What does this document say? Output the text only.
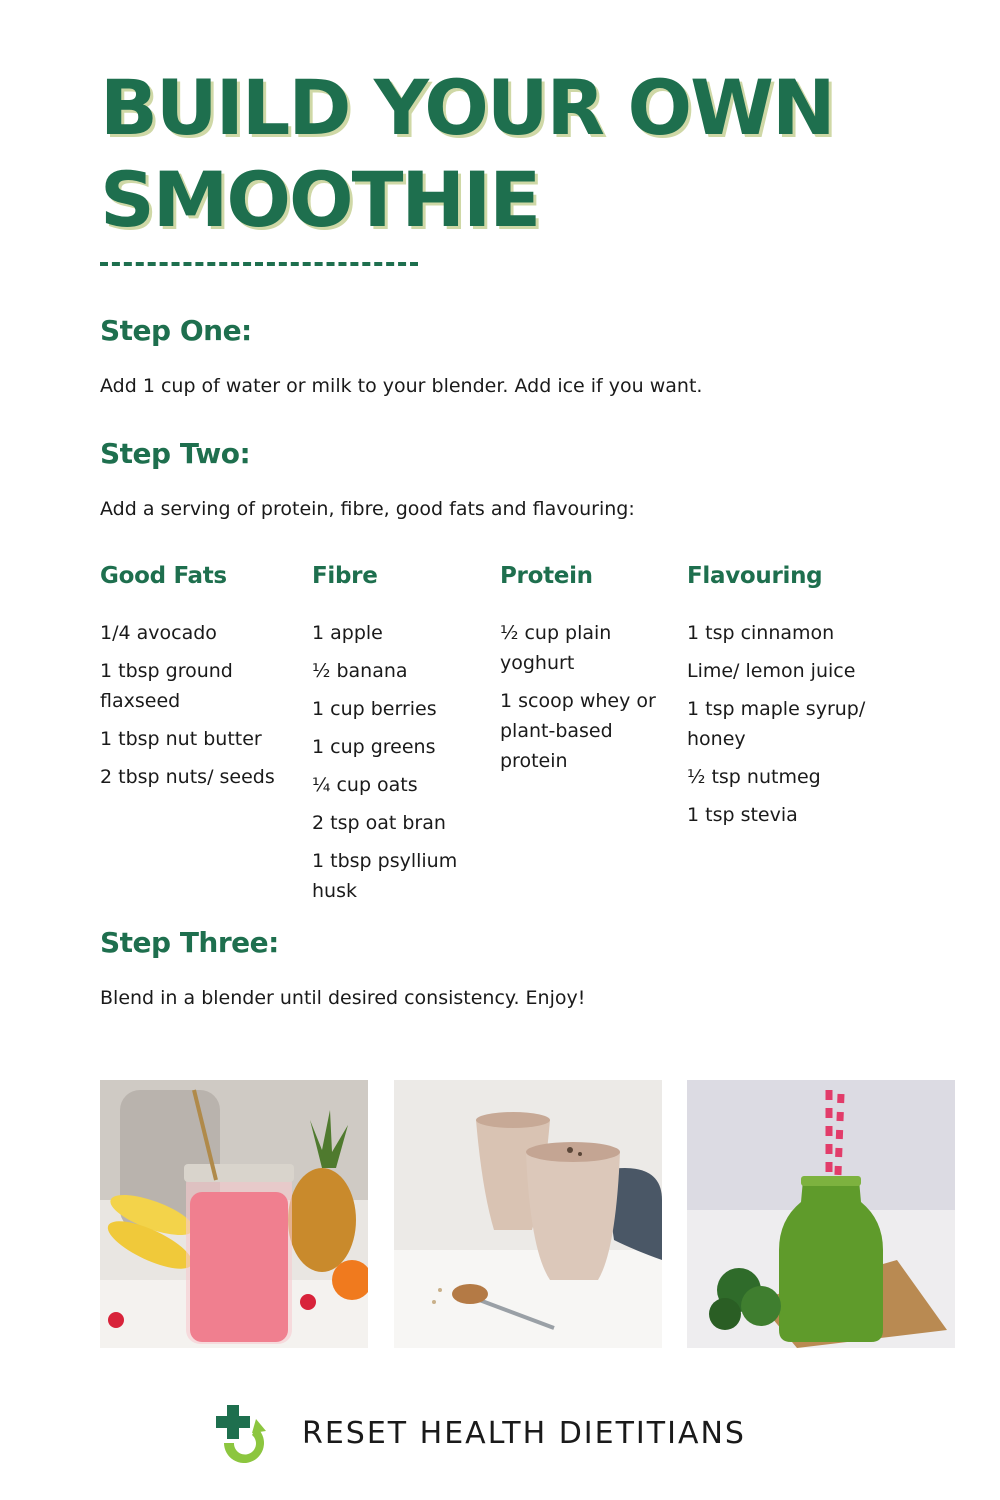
BUILD YOUR OWN
SMOOTHIE
Step One:

Add 1 cup of water or milk to your blender. Add ice if you want.

Step Two:

Add a serving of protein, fibre, good fats and flavouring:

Good Fats
1/4 avocado
1 tbsp ground flaxseed
1 tbsp nut butter
2 tbsp nuts/ seeds
Fibre
1 apple
½ banana
1 cup berries
1 cup greens
¼ cup oats
2 tsp oat bran
1 tbsp psyllium husk
Protein
½ cup plain yoghurt
1 scoop whey or plant-based protein
Flavouring
1 tsp cinnamon
Lime/ lemon juice
1 tsp maple syrup/ honey
½ tsp nutmeg
1 tsp stevia
Step Three:

Blend in a blender until desired consistency. Enjoy!

RESET HEALTH DIETITIANS
